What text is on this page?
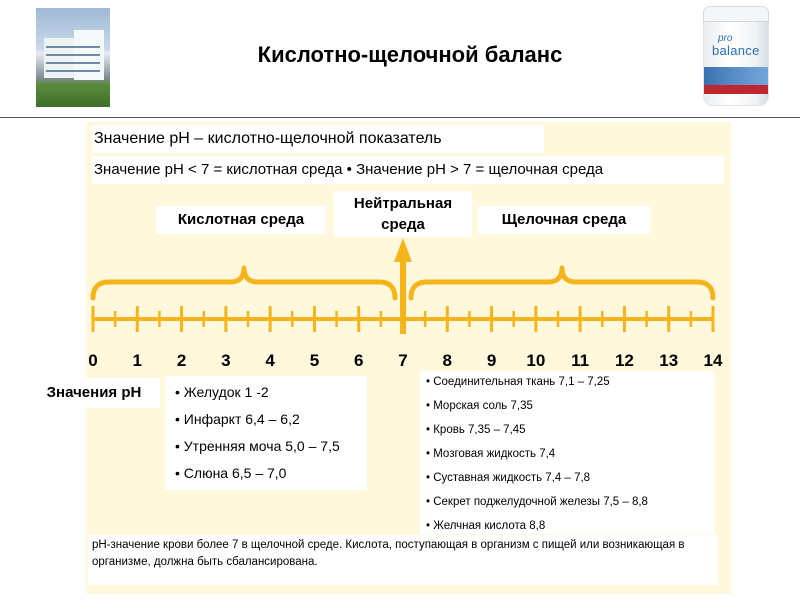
Кислотно-щелочной баланс
pro
balance
Значение pH – кислотно-щелочной показатель
Значение pH < 7 = кислотная среда • Значение pH > 7 = щелочная среда
Кислотная среда
Нейтральная
среда	Щелочная среда
0 1 2 3 4 5 6 7 8 9 10 11 12 13 14
Значения pH	• Желудок 1 -2
• Инфаркт 6,4 – 6,2
• Утренняя моча 5,0 – 7,5
• Слюна 6,5 – 7,0
• Соединительная ткань 7,1 – 7,25
• Морская соль 7,35
• Кровь 7,35 – 7,45
• Мозговая жидкость 7,4
• Суставная жидкость 7,4 – 7,8
• Секрет поджелудочной железы 7,5 – 8,8
• Желчная кислота 8,8
pH-значение крови более 7 в щелочной среде. Кислота, поступающая в организм с пищей или возникающая в организме, должна быть сбалансирована.
